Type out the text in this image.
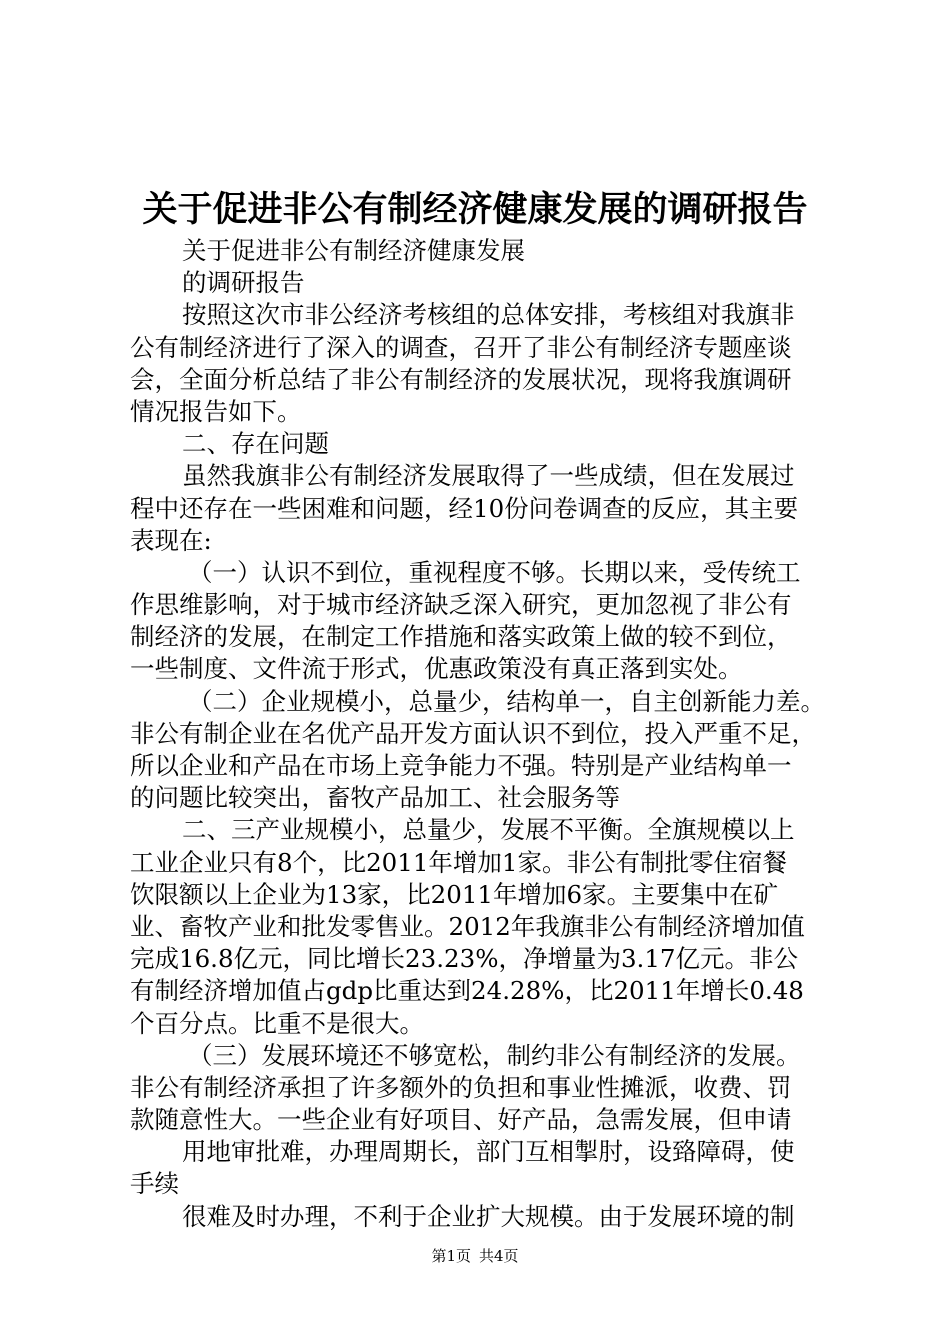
关于促进非公有制经济健康发展的调研报告
关于促进非公有制经济健康发展
的调研报告
按照这次市非公经济考核组的总体安排，考核组对我旗非
公有制经济进行了深入的调查，召开了非公有制经济专题座谈
会，全面分析总结了非公有制经济的发展状况，现将我旗调研
情况报告如下。
二、存在问题
虽然我旗非公有制经济发展取得了一些成绩，但在发展过
程中还存在一些困难和问题，经10份问卷调查的反应，其主要
表现在:
（一）认识不到位，重视程度不够。长期以来，受传统工
作思维影响，对于城市经济缺乏深入研究，更加忽视了非公有
制经济的发展，在制定工作措施和落实政策上做的较不到位，
一些制度、文件流于形式，优惠政策没有真正落到实处。
（二）企业规模小，总量少，结构单一，自主创新能力差。
非公有制企业在名优产品开发方面认识不到位，投入严重不足，
所以企业和产品在市场上竞争能力不强。特别是产业结构单一
的问题比较突出，畜牧产品加工、社会服务等
二、三产业规模小，总量少，发展不平衡。全旗规模以上
工业企业只有8个，比2011年增加1家。非公有制批零住宿餐
饮限额以上企业为13家，比2011年增加6家。主要集中在矿
业、畜牧产业和批发零售业。2012年我旗非公有制经济增加值
完成16.8亿元，同比增长23.23%，净增量为3.17亿元。非公
有制经济增加值占gdp比重达到24.28%，比2011年增长0.48
个百分点。比重不是很大。
（三）发展环境还不够宽松，制约非公有制经济的发展。
非公有制经济承担了许多额外的负担和事业性摊派，收费、罚
款随意性大。一些企业有好项目、好产品，急需发展，但申请
用地审批难，办理周期长，部门互相掣肘，设臵障碍，使
手续
很难及时办理，不利于企业扩大规模。由于发展环境的制
第1页 共4页
